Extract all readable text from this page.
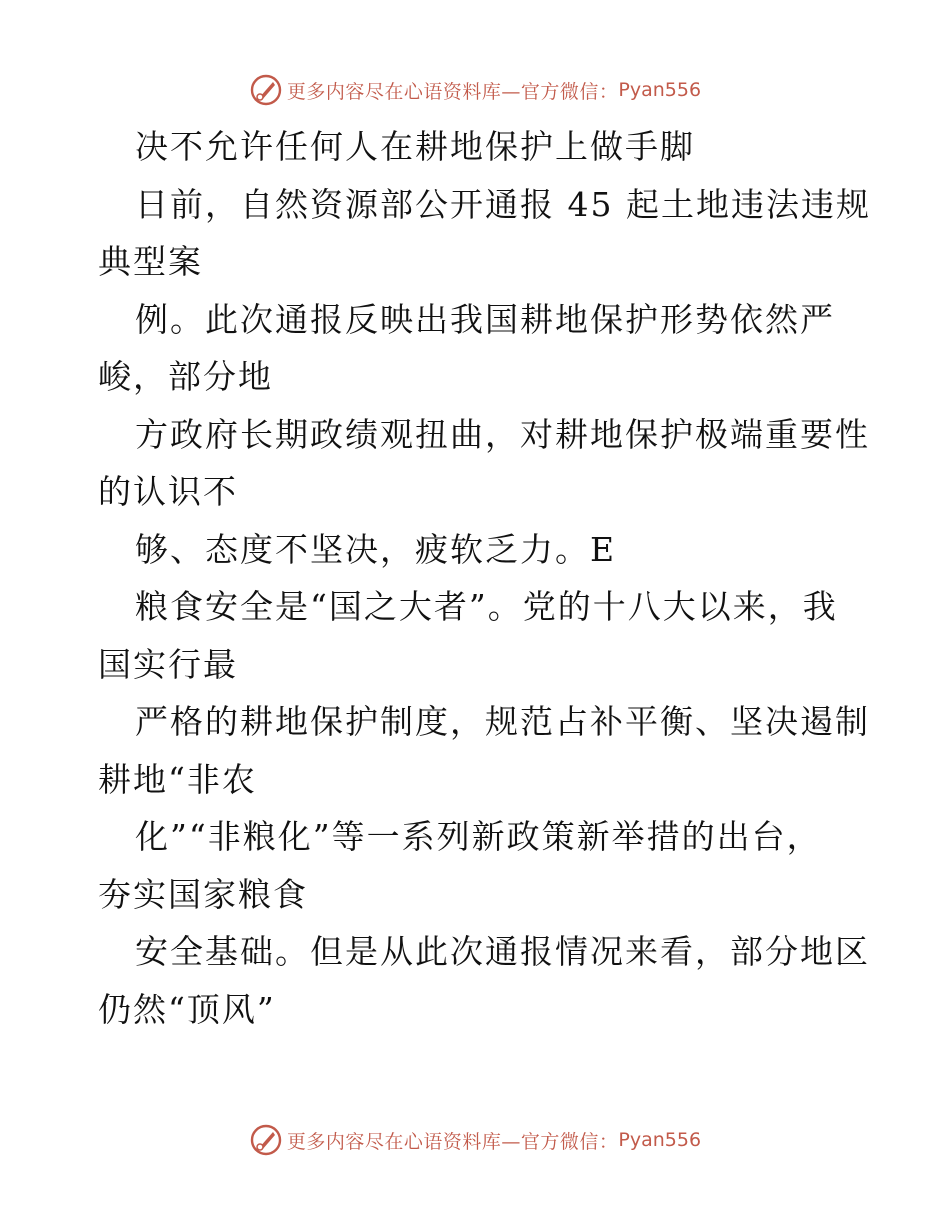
更多内容尽在心语资料库—官方微信： Pyan556
决不允许任何人在耕地保护上做手脚
日前，自然资源部公开通报 45 起土地违法违规
典型案
例。此次通报反映出我国耕地保护形势依然严
峻，部分地
方政府长期政绩观扭曲，对耕地保护极端重要性
的认识不
够、态度不坚决，疲软乏力。E
粮食安全是“国之大者”。党的十八大以来，我
国实行最
严格的耕地保护制度，规范占补平衡、坚决遏制
耕地“非农
化”“非粮化”等一系列新政策新举措的出台，
夯实国家粮食
安全基础。但是从此次通报情况来看，部分地区
仍然“顶风”
更多内容尽在心语资料库—官方微信： Pyan556
